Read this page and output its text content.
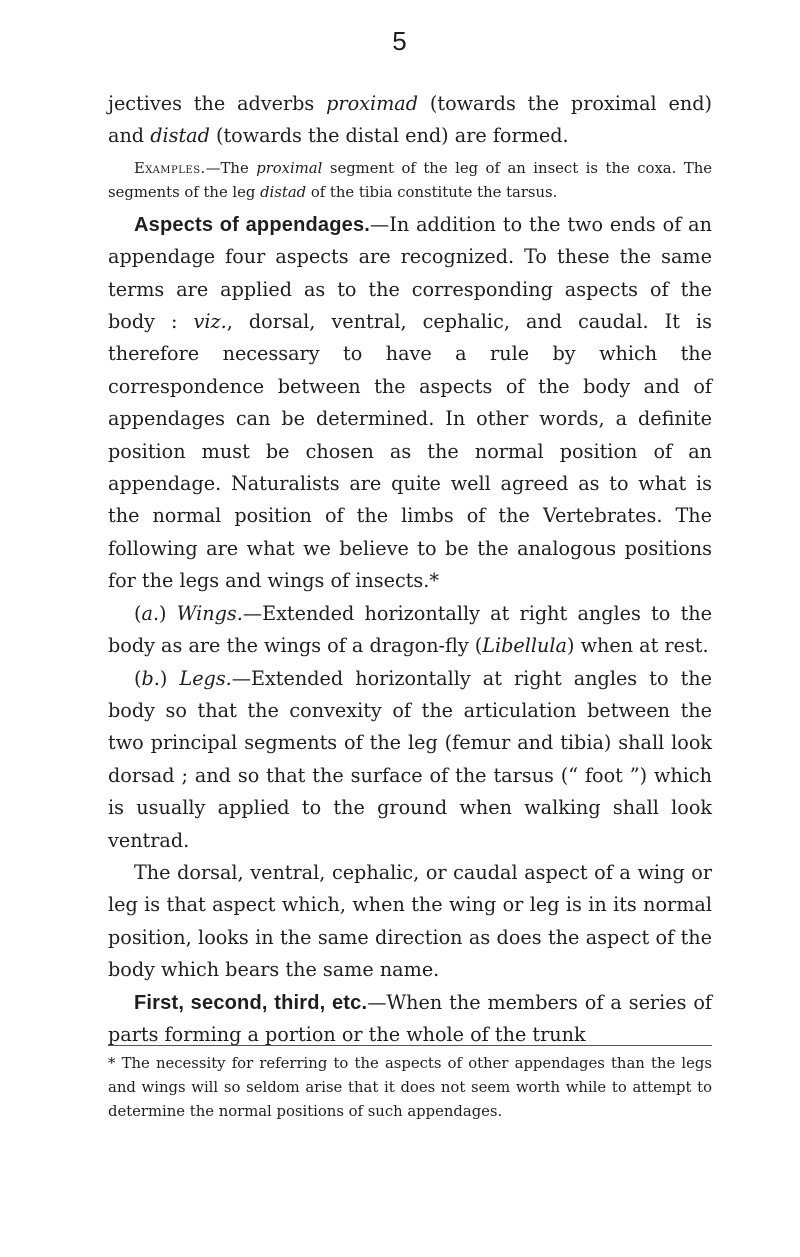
5

jectives the adverbs proximad (towards the proximal end) and distad (towards the distal end) are formed.

Examples.—The proximal segment of the leg of an insect is the coxa. The segments of the leg distad of the tibia constitute the tarsus.

Aspects of appendages.—In addition to the two ends of an appendage four aspects are recognized. To these the same terms are applied as to the corresponding aspects of the body : viz., dorsal, ventral, cephalic, and caudal. It is therefore necessary to have a rule by which the correspondence between the aspects of the body and of appendages can be determined. In other words, a definite position must be chosen as the normal position of an appendage. Naturalists are quite well agreed as to what is the normal position of the limbs of the Vertebrates. The following are what we believe to be the analogous positions for the legs and wings of insects.*

(a.) Wings.—Extended horizontally at right angles to the body as are the wings of a dragon-fly (Libellula) when at rest.

(b.) Legs.—Extended horizontally at right angles to the body so that the convexity of the articulation between the two principal segments of the leg (femur and tibia) shall look dorsad ; and so that the surface of the tarsus (“ foot ”) which is usually applied to the ground when walking shall look ventrad.

The dorsal, ventral, cephalic, or caudal aspect of a wing or leg is that aspect which, when the wing or leg is in its normal position, looks in the same direction as does the aspect of the body which bears the same name.

First, second, third, etc.—When the members of a series of parts forming a portion or the whole of the trunk

* The necessity for referring to the aspects of other appendages than the legs and wings will so seldom arise that it does not seem worth while to attempt to determine the normal positions of such appendages.
